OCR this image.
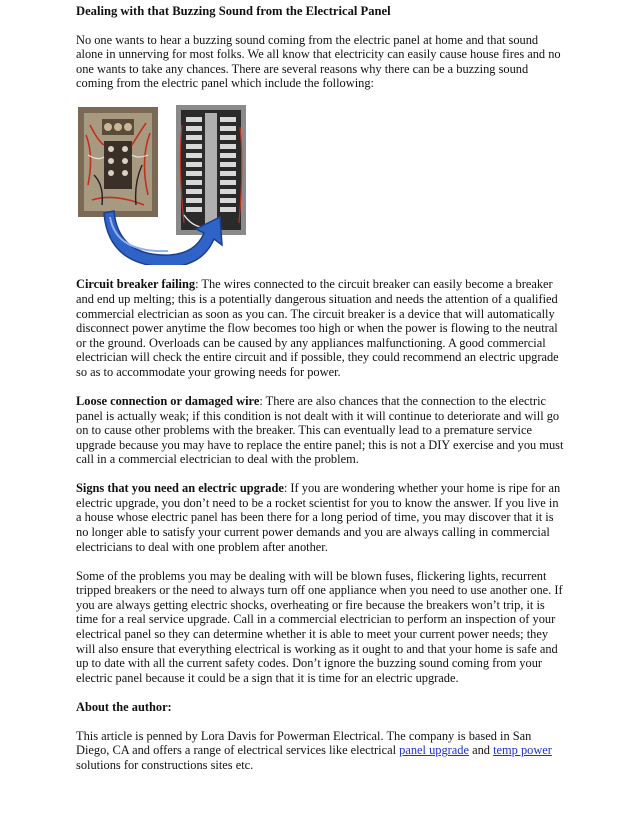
Dealing with that Buzzing Sound from the Electrical Panel

No one wants to hear a buzzing sound coming from the electric panel at home and that sound alone in unnerving for most folks. We all know that electricity can easily cause house fires and no one wants to take any chances. There are several reasons why there can be a buzzing sound coming from the electric panel which include the following:

Circuit breaker failing: The wires connected to the circuit breaker can easily become a breaker and end up melting; this is a potentially dangerous situation and needs the attention of a qualified commercial electrician as soon as you can. The circuit breaker is a device that will automatically disconnect power anytime the flow becomes too high or when the power is flowing to the neutral or the ground. Overloads can be caused by any appliances malfunctioning. A good commercial electrician will check the entire circuit and if possible, they could recommend an electric upgrade so as to accommodate your growing needs for power.

Loose connection or damaged wire: There are also chances that the connection to the electric panel is actually weak; if this condition is not dealt with it will continue to deteriorate and will go on to cause other problems with the breaker. This can eventually lead to a premature service upgrade because you may have to replace the entire panel; this is not a DIY exercise and you must call in a commercial electrician to deal with the problem.

Signs that you need an electric upgrade: If you are wondering whether your home is ripe for an electric upgrade, you don’t need to be a rocket scientist for you to know the answer. If you live in a house whose electric panel has been there for a long period of time, you may discover that it is no longer able to satisfy your current power demands and you are always calling in commercial electricians to deal with one problem after another.

Some of the problems you may be dealing with will be blown fuses, flickering lights, recurrent tripped breakers or the need to always turn off one appliance when you need to use another one. If you are always getting electric shocks, overheating or fire because the breakers won’t trip, it is time for a real service upgrade. Call in a commercial electrician to perform an inspection of your electrical panel so they can determine whether it is able to meet your current power needs; they will also ensure that everything electrical is working as it ought to and that your home is safe and up to date with all the current safety codes. Don’t ignore the buzzing sound coming from your electric panel because it could be a sign that it is time for an electric upgrade.

About the author:

This article is penned by Lora Davis for Powerman Electrical. The company is based in San Diego, CA and offers a range of electrical services like electrical panel upgrade and temp power solutions for constructions sites etc.
